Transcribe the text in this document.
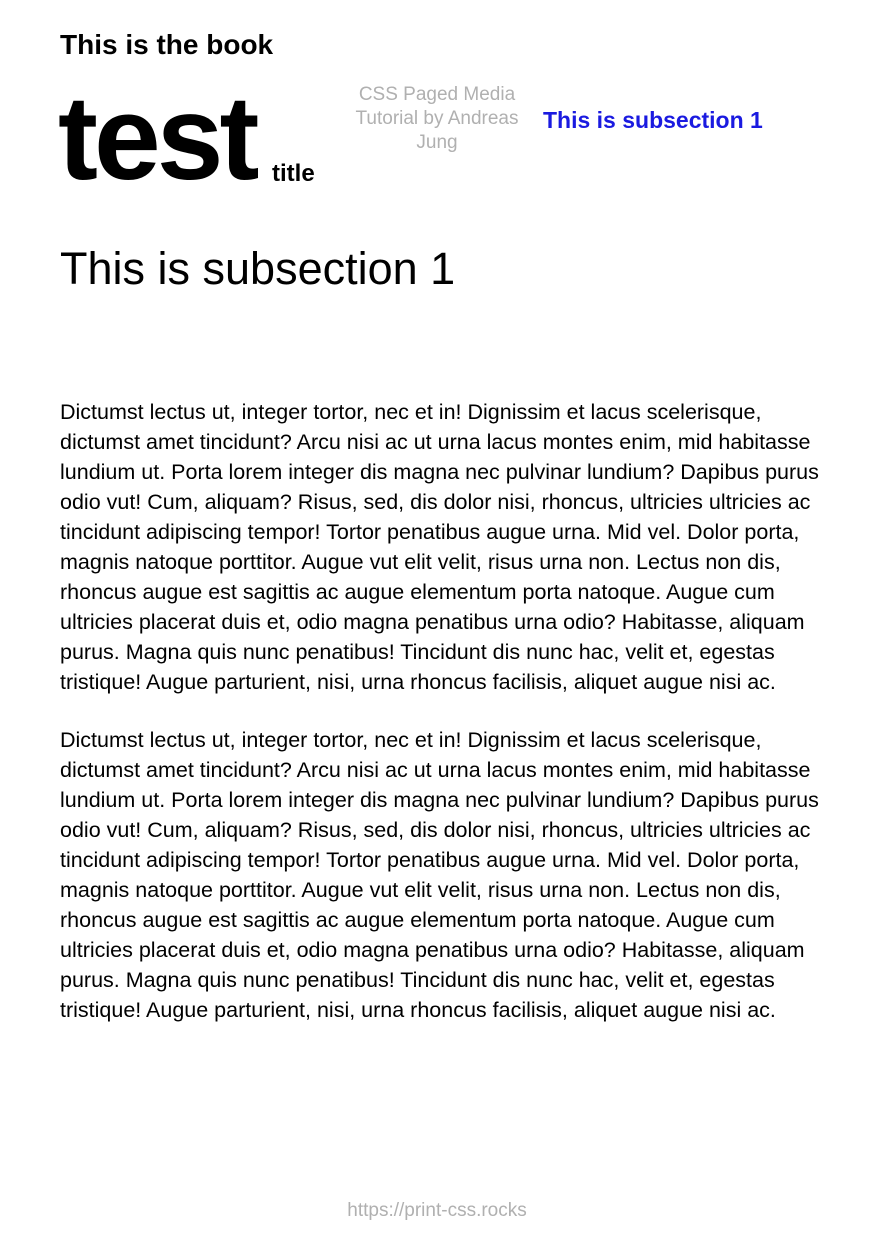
This is the book
test title
CSS Paged Media Tutorial by Andreas Jung
This is subsection 1
This is subsection 1

Dictumst lectus ut, integer tortor, nec et in! Dignissim et lacus scelerisque, dictumst amet tincidunt? Arcu nisi ac ut urna lacus montes enim, mid habitasse lundium ut. Porta lorem integer dis magna nec pulvinar lundium? Dapibus purus odio vut! Cum, aliquam? Risus, sed, dis dolor nisi, rhoncus, ultricies ultricies ac tincidunt adipiscing tempor! Tortor penatibus augue urna. Mid vel. Dolor porta, magnis natoque porttitor. Augue vut elit velit, risus urna non. Lectus non dis, rhoncus augue est sagittis ac augue elementum porta natoque. Augue cum ultricies placerat duis et, odio magna penatibus urna odio? Habitasse, aliquam purus. Magna quis nunc penatibus! Tincidunt dis nunc hac, velit et, egestas tristique! Augue parturient, nisi, urna rhoncus facilisis, aliquet augue nisi ac.

Dictumst lectus ut, integer tortor, nec et in! Dignissim et lacus scelerisque, dictumst amet tincidunt? Arcu nisi ac ut urna lacus montes enim, mid habitasse lundium ut. Porta lorem integer dis magna nec pulvinar lundium? Dapibus purus odio vut! Cum, aliquam? Risus, sed, dis dolor nisi, rhoncus, ultricies ultricies ac tincidunt adipiscing tempor! Tortor penatibus augue urna. Mid vel. Dolor porta, magnis natoque porttitor. Augue vut elit velit, risus urna non. Lectus non dis, rhoncus augue est sagittis ac augue elementum porta natoque. Augue cum ultricies placerat duis et, odio magna penatibus urna odio? Habitasse, aliquam purus. Magna quis nunc penatibus! Tincidunt dis nunc hac, velit et, egestas tristique! Augue parturient, nisi, urna rhoncus facilisis, aliquet augue nisi ac.

https://print-css.rocks
